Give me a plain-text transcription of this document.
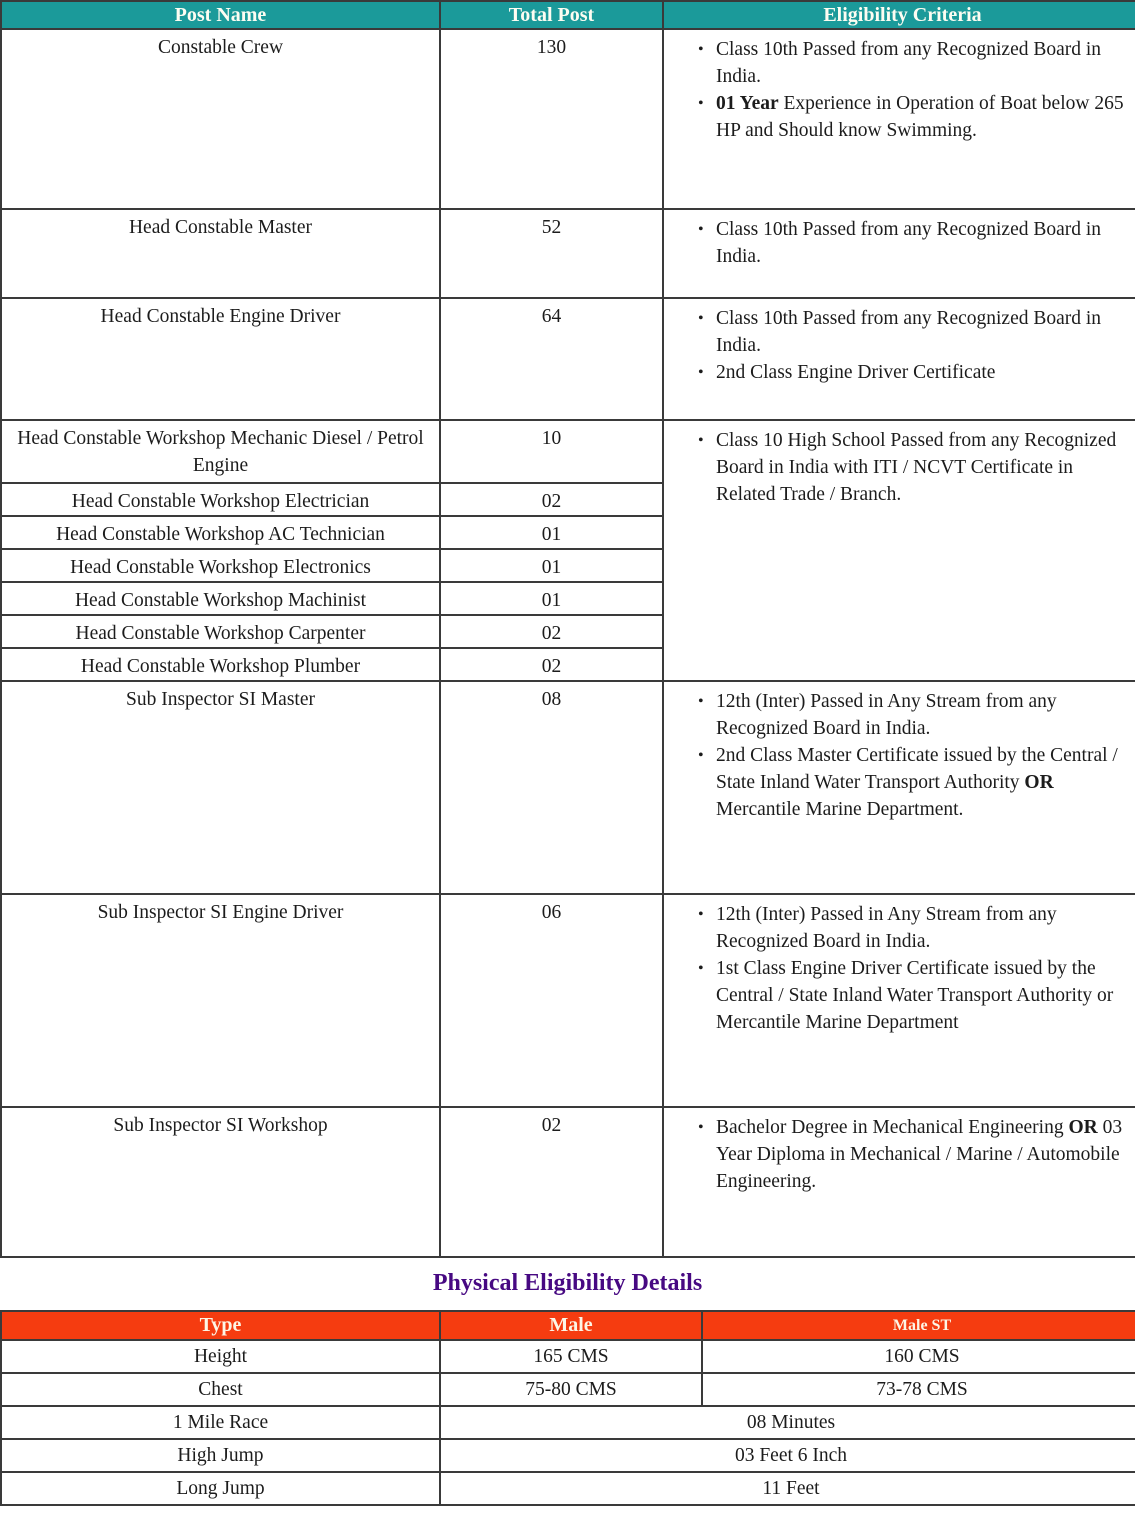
Post Name	Total Post	Eligibility Criteria
Constable Crew	130	• Class 10th Passed from any Recognized Board in India.
• 01 Year Experience in Operation of Boat below 265 HP and Should know Swimming.

Head Constable Master	52	• Class 10th Passed from any Recognized Board in India.

Head Constable Engine Driver	64	• Class 10th Passed from any Recognized Board in India.
• 2nd Class Engine Driver Certificate

Head Constable Workshop Mechanic Diesel / Petrol Engine	10	• Class 10 High School Passed from any Recognized Board in India with ITI / NCVT Certificate in Related Trade / Branch.

Head Constable Workshop Electrician	02	
Head Constable Workshop AC Technician	01	
Head Constable Workshop Electronics	01	
Head Constable Workshop Machinist	01	
Head Constable Workshop Carpenter	02	
Head Constable Workshop Plumber	02	
Sub Inspector SI Master	08	• 12th (Inter) Passed in Any Stream from any Recognized Board in India.
• 2nd Class Master Certificate issued by the Central / State Inland Water Transport Authority OR Mercantile Marine Department.

Sub Inspector SI Engine Driver	06	• 12th (Inter) Passed in Any Stream from any Recognized Board in India.
• 1st Class Engine Driver Certificate issued by the Central / State Inland Water Transport Authority or Mercantile Marine Department

Sub Inspector SI Workshop	02	• Bachelor Degree in Mechanical Engineering OR 03 Year Diploma in Mechanical / Marine / Automobile Engineering.
Physical Eligibility Details
Type	Male	Male ST
Height	165 CMS	160 CMS
Chest	75-80 CMS	73-78 CMS
1 Mile Race	08 Minutes	
High Jump	03 Feet 6 Inch	
Long Jump	11 Feet	
